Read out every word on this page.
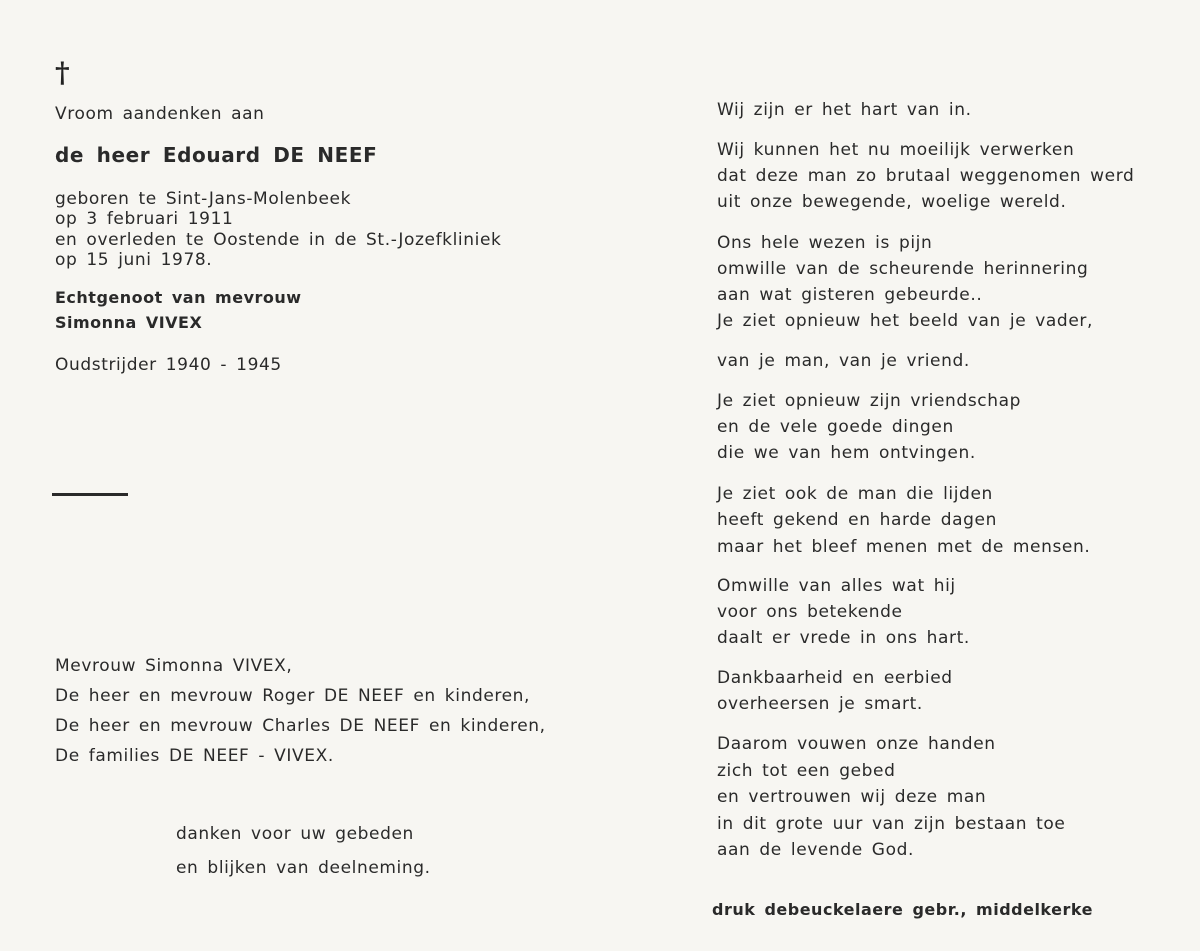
†
Vroom aandenken aan
de heer Edouard DE NEEF
geboren te Sint-Jans-Molenbeek
op 3 februari 1911
en overleden te Oostende in de St.-Jozefkliniek
op 15 juni 1978.
Echtgenoot van mevrouw
Simonna VIVEX
Oudstrijder 1940 - 1945
Mevrouw Simonna VIVEX,
De heer en mevrouw Roger DE NEEF en kinderen,
De heer en mevrouw Charles DE NEEF en kinderen,
De families DE NEEF - VIVEX.
danken voor uw gebeden
en blijken van deelneming.
Wij zijn er het hart van in.
Wij kunnen het nu moeilijk verwerken
dat deze man zo brutaal weggenomen werd
uit onze bewegende, woelige wereld.
Ons hele wezen is pijn
omwille van de scheurende herinnering
aan wat gisteren gebeurde..
Je ziet opnieuw het beeld van je vader,
van je man, van je vriend.
Je ziet opnieuw zijn vriendschap
en de vele goede dingen
die we van hem ontvingen.
Je ziet ook de man die lijden
heeft gekend en harde dagen
maar het bleef menen met de mensen.
Omwille van alles wat hij
voor ons betekende
daalt er vrede in ons hart.
Dankbaarheid en eerbied
overheersen je smart.
Daarom vouwen onze handen
zich tot een gebed
en vertrouwen wij deze man
in dit grote uur van zijn bestaan toe
aan de levende God.
druk debeuckelaere gebr., middelkerke
